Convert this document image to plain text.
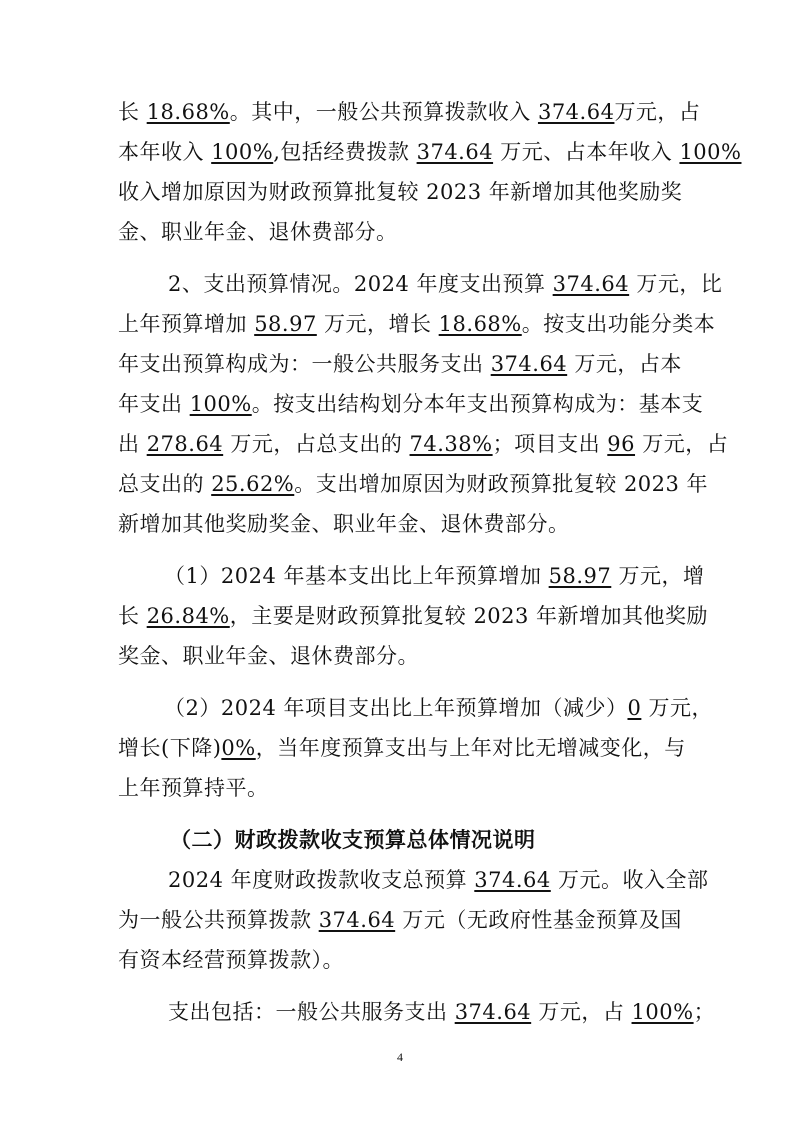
长 18.68%。其中，一般公共预算拨款收入 374.64万元，占
本年收入 100%,包括经费拨款 374.64 万元、占本年收入 100%
收入增加原因为财政预算批复较 2023 年新增加其他奖励奖
金、职业年金、退休费部分。
2、支出预算情况。2024 年度支出预算 374.64 万元，比
上年预算增加 58.97 万元，增长 18.68%。按支出功能分类本
年支出预算构成为：一般公共服务支出 374.64 万元，占本
年支出 100%。按支出结构划分本年支出预算构成为：基本支
出 278.64 万元，占总支出的 74.38%；项目支出 96 万元，占
总支出的 25.62%。支出增加原因为财政预算批复较 2023 年
新增加其他奖励奖金、职业年金、退休费部分。
（1）2024 年基本支出比上年预算增加 58.97 万元，增
长 26.84%，主要是财政预算批复较 2023 年新增加其他奖励
奖金、职业年金、退休费部分。
（2）2024 年项目支出比上年预算增加（减少）0 万元，
增长(下降)0%，当年度预算支出与上年对比无增减变化，与
上年预算持平。
（二）财政拨款收支预算总体情况说明
2024 年度财政拨款收支总预算 374.64 万元。收入全部
为一般公共预算拨款 374.64 万元（无政府性基金预算及国
有资本经营预算拨款）。
支出包括：一般公共服务支出 374.64 万元，占 100%；
4
